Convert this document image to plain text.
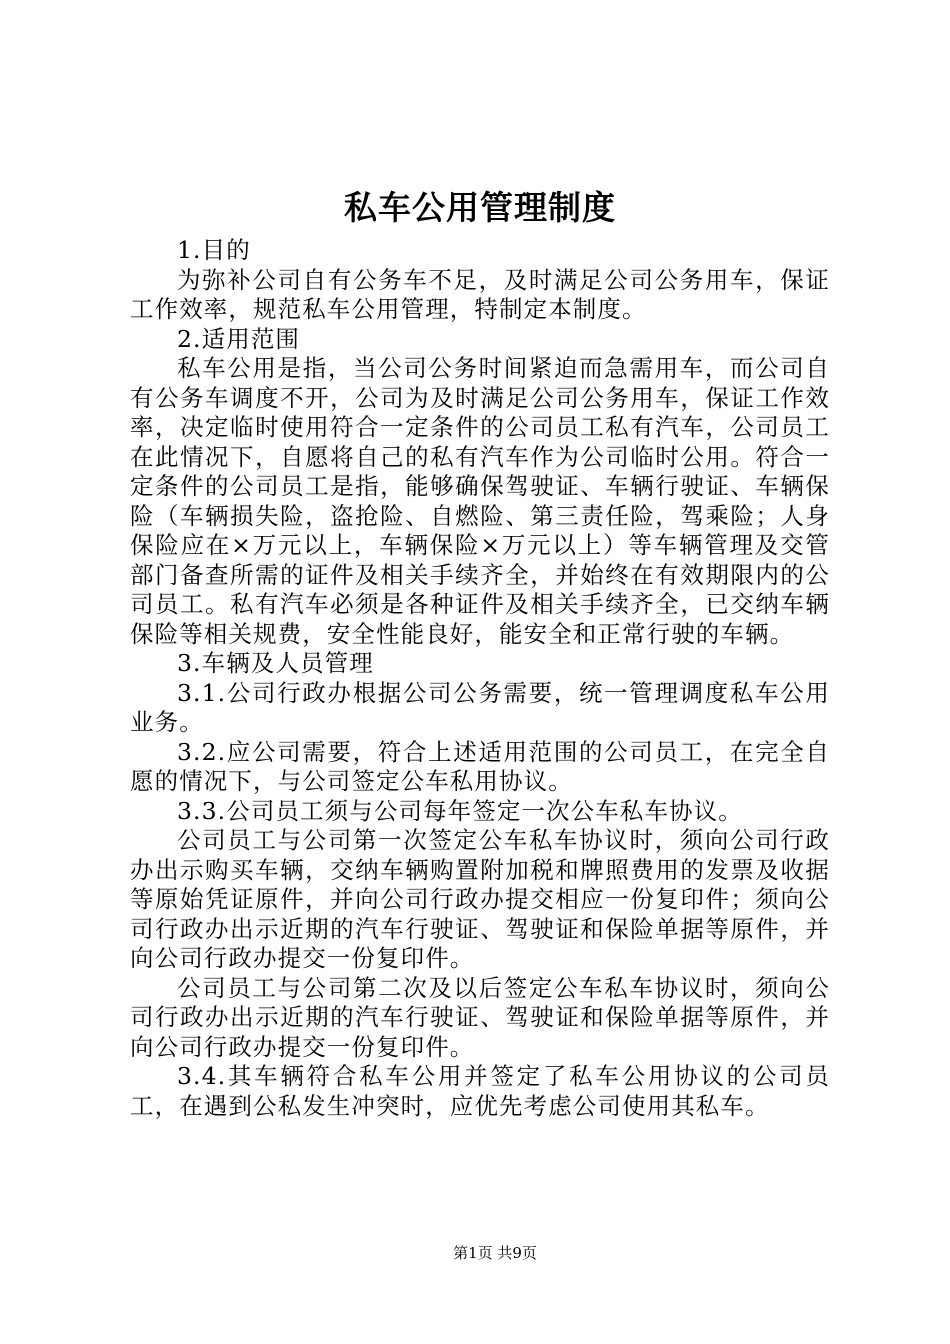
私车公用管理制度

1.目的

为弥补公司自有公务车不足，及时满足公司公务用车，保证工作效率，规范私车公用管理，特制定本制度。

2.适用范围

私车公用是指，当公司公务时间紧迫而急需用车，而公司自有公务车调度不开，公司为及时满足公司公务用车，保证工作效率，决定临时使用符合一定条件的公司员工私有汽车，公司员工在此情况下，自愿将自己的私有汽车作为公司临时公用。符合一定条件的公司员工是指，能够确保驾驶证、车辆行驶证、车辆保险（车辆损失险，盗抢险、自燃险、第三责任险，驾乘险；人身保险应在×万元以上，车辆保险×万元以上）等车辆管理及交管部门备查所需的证件及相关手续齐全，并始终在有效期限内的公司员工。私有汽车必须是各种证件及相关手续齐全，已交纳车辆保险等相关规费，安全性能良好，能安全和正常行驶的车辆。

3.车辆及人员管理

3.1.公司行政办根据公司公务需要，统一管理调度私车公用业务。

3.2.应公司需要，符合上述适用范围的公司员工，在完全自愿的情况下，与公司签定公车私用协议。

3.3.公司员工须与公司每年签定一次公车私车协议。

公司员工与公司第一次签定公车私车协议时，须向公司行政办出示购买车辆，交纳车辆购置附加税和牌照费用的发票及收据等原始凭证原件，并向公司行政办提交相应一份复印件；须向公司行政办出示近期的汽车行驶证、驾驶证和保险单据等原件，并向公司行政办提交一份复印件。

公司员工与公司第二次及以后签定公车私车协议时，须向公司行政办出示近期的汽车行驶证、驾驶证和保险单据等原件，并向公司行政办提交一份复印件。

3.4.其车辆符合私车公用并签定了私车公用协议的公司员工，在遇到公私发生冲突时，应优先考虑公司使用其私车。

第1页 共9页
